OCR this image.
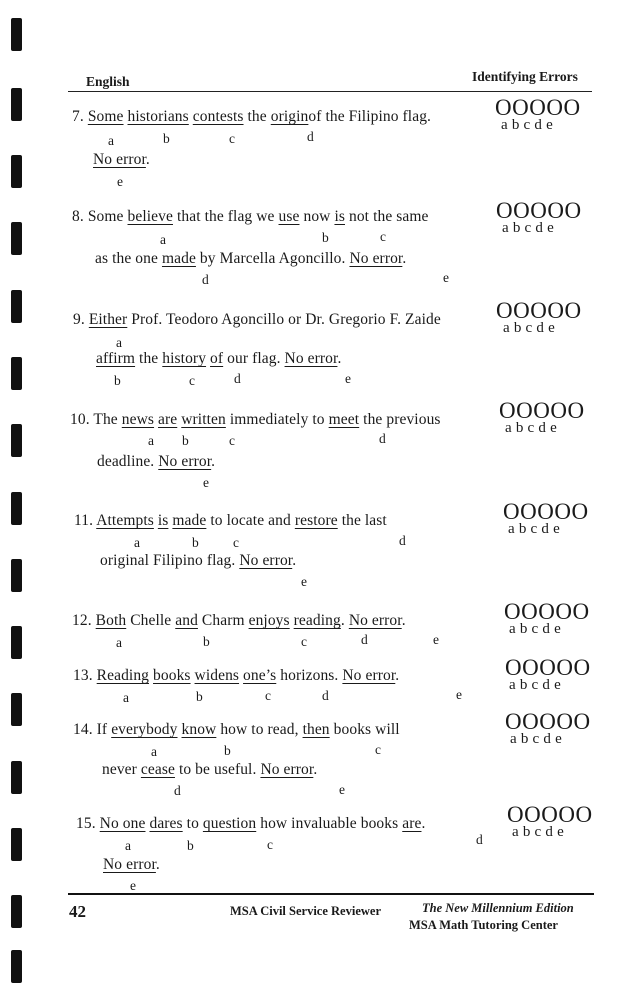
English	Identifying Errors
7. Some historians contests the originof the Filipino flag.
a	b	c	d
No error.
e
OOOOO
abcde
8. Some believe that the flag we use now is not the same
a	b	c
as the one made by Marcella Agoncillo. No error.
d	e
OOOOO
abcde
9. Either Prof. Teodoro Agoncillo or Dr. Gregorio F. Zaide
a
affirm the history of our flag. No error.
b	c	d	e
OOOOO
abcde
10. The news are written immediately to meet the previous
a b	c	d
deadline. No error.
e
OOOOO
abcde
11. Attempts is made to locate and restore the last
a	b	c	d
original Filipino flag. No error.
e
OOOOO
abcde
12. Both Chelle and Charm enjoys reading. No error.
a	b	c	d	e
OOOOO
abcde
13. Reading books widens one’s horizons. No error.
a	b	c	d	e
OOOOO
abcde
14. If everybody know how to read, then books will
a	b	c
never cease to be useful. No error.
d	e
OOOOO
abcde
15. No one dares to question how invaluable books are.
a	b	c	d
No error.
e
OOOOO
abcde
42	MSA Civil Service Reviewer	The New Millennium Edition
MSA Math Tutoring Center
